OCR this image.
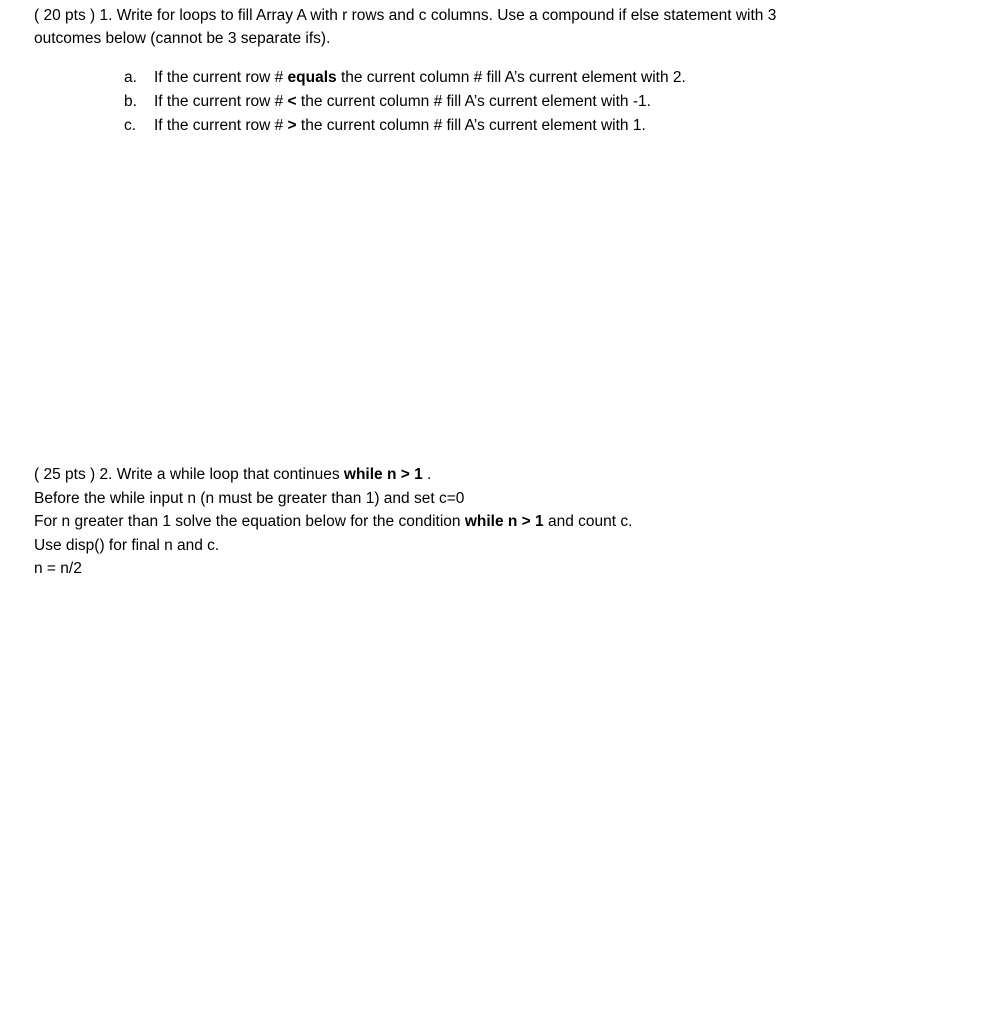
( 20 pts ) 1. Write for loops to fill Array A with r rows and c columns. Use a compound if else statement with 3
outcomes below (cannot be 3 separate ifs).

a. If the current row # equals the current column # fill A’s current element with 2.
b. If the current row # < the current column # fill A’s current element with -1.
c. If the current row # > the current column # fill A’s current element with 1.
( 25 pts ) 2. Write a while loop that continues while n > 1 .
Before the while input n (n must be greater than 1) and set c=0
For n greater than 1 solve the equation below for the condition while n > 1 and count c.
Use disp() for final n and c.
n = n/2
